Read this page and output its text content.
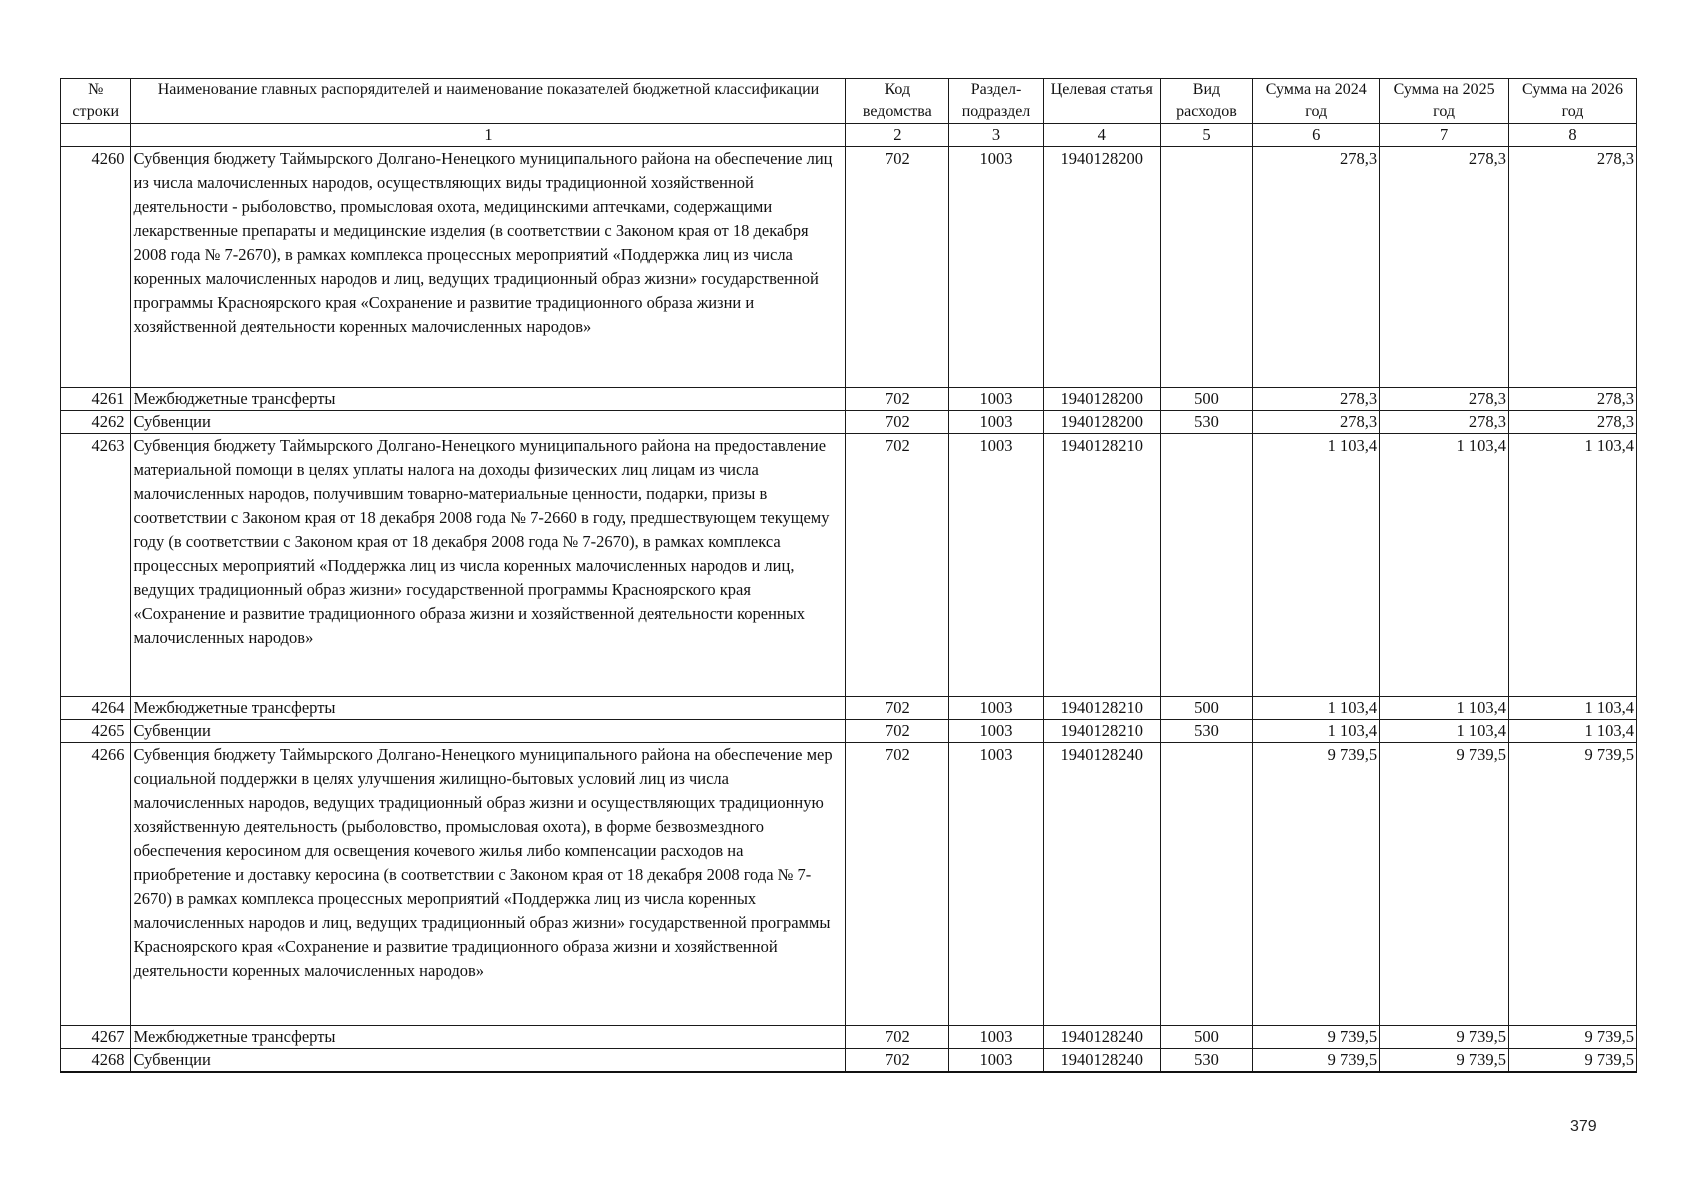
№ строки	Наименование главных распорядителей и наименование показателей бюджетной классификации	Код ведомства	Раздел-подраздел	Целевая статья	Вид расходов	Сумма на 2024 год	Сумма на 2025 год	Сумма на 2026 год
	1	2	3	4	5	6	7	8
4260	Субвенция бюджету Таймырского Долгано-Ненецкого муниципального района на обеспечение лиц из числа малочисленных народов, осуществляющих виды традиционной хозяйственной деятельности - рыболовство, промысловая охота, медицинскими аптечками, содержащими лекарственные препараты и медицинские изделия (в соответствии с Законом края от 18 декабря 2008 года № 7-2670), в рамках комплекса процессных мероприятий «Поддержка лиц из числа коренных малочисленных народов и лиц, ведущих традиционный образ жизни» государственной программы Красноярского края «Сохранение и развитие традиционного образа жизни и хозяйственной деятельности коренных малочисленных народов»	702	1003	1940128200		278,3	278,3	278,3
4261	Межбюджетные трансферты	702	1003	1940128200	500	278,3	278,3	278,3
4262	Субвенции	702	1003	1940128200	530	278,3	278,3	278,3
4263	Субвенция бюджету Таймырского Долгано-Ненецкого муниципального района на предоставление материальной помощи в целях уплаты налога на доходы физических лиц лицам из числа малочисленных народов, получившим товарно-материальные ценности, подарки, призы в соответствии с Законом края от 18 декабря 2008 года № 7-2660 в году, предшествующем текущему году (в соответствии с Законом края от 18 декабря 2008 года № 7-2670), в рамках комплекса процессных мероприятий «Поддержка лиц из числа коренных малочисленных народов и лиц, ведущих традиционный образ жизни» государственной программы Красноярского края «Сохранение и развитие традиционного образа жизни и хозяйственной деятельности коренных малочисленных народов»	702	1003	1940128210		1 103,4	1 103,4	1 103,4
4264	Межбюджетные трансферты	702	1003	1940128210	500	1 103,4	1 103,4	1 103,4
4265	Субвенции	702	1003	1940128210	530	1 103,4	1 103,4	1 103,4
4266	Субвенция бюджету Таймырского Долгано-Ненецкого муниципального района на обеспечение мер социальной поддержки в целях улучшения жилищно-бытовых условий лиц из числа малочисленных народов, ведущих традиционный образ жизни и осуществляющих традиционную хозяйственную деятельность (рыболовство, промысловая охота), в форме безвозмездного обеспечения керосином для освещения кочевого жилья либо компенсации расходов на приобретение и доставку керосина (в соответствии с Законом края от 18 декабря 2008 года № 7-2670) в рамках комплекса процессных мероприятий «Поддержка лиц из числа коренных малочисленных народов и лиц, ведущих традиционный образ жизни» государственной программы Красноярского края «Сохранение и развитие традиционного образа жизни и хозяйственной деятельности коренных малочисленных народов»	702	1003	1940128240		9 739,5	9 739,5	9 739,5
4267	Межбюджетные трансферты	702	1003	1940128240	500	9 739,5	9 739,5	9 739,5
4268	Субвенции	702	1003	1940128240	530	9 739,5	9 739,5	9 739,5
379
